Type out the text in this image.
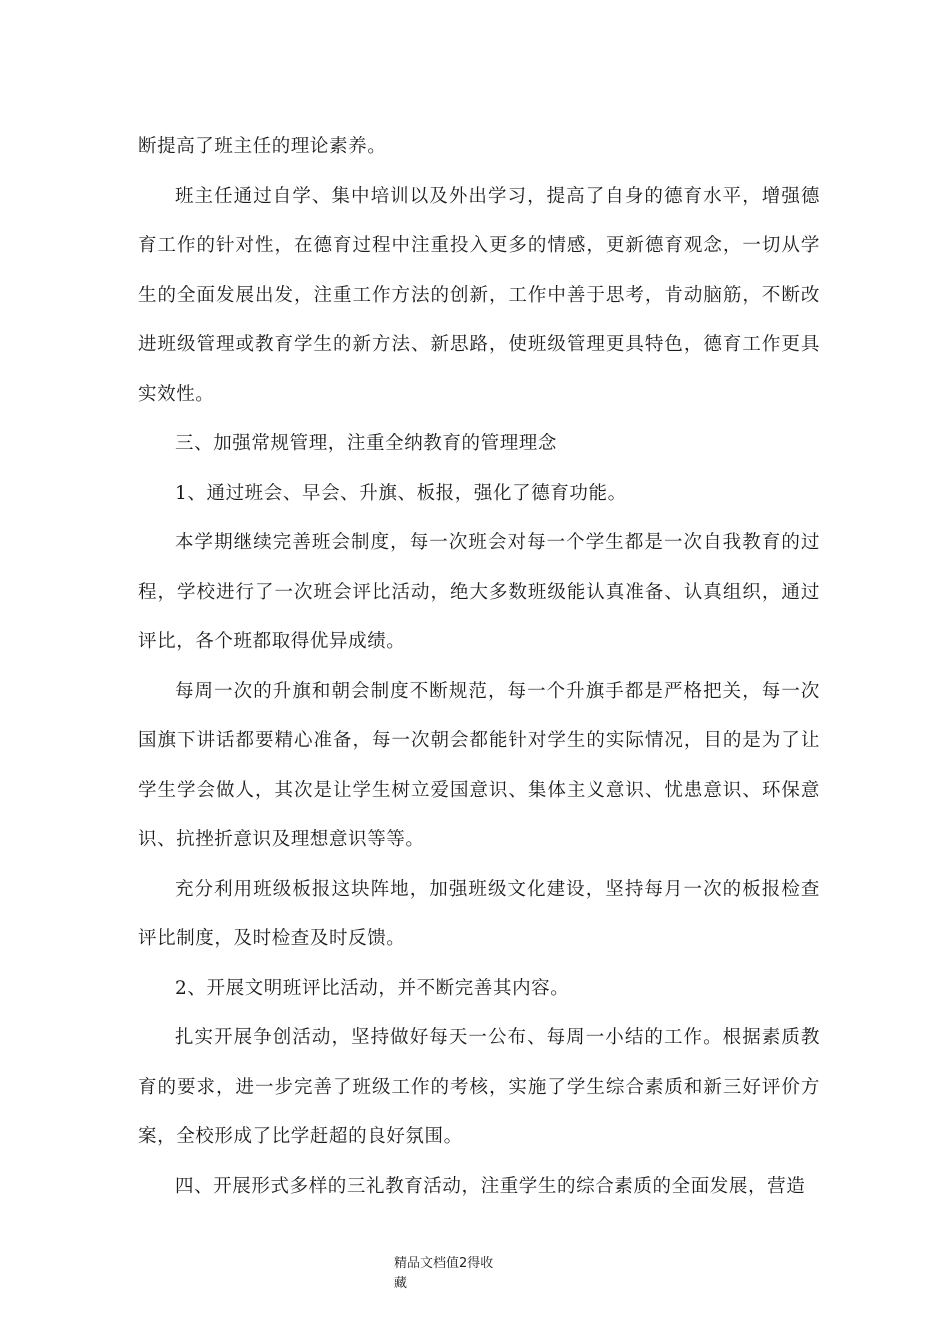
断提高了班主任的理论素养。

班主任通过自学、集中培训以及外出学习，提高了自身的德育水平，增强德育工作的针对性，在德育过程中注重投入更多的情感，更新德育观念，一切从学生的全面发展出发，注重工作方法的创新，工作中善于思考，肯动脑筋，不断改进班级管理或教育学生的新方法、新思路，使班级管理更具特色，德育工作更具实效性。

三、加强常规管理，注重全纳教育的管理理念

1、通过班会、早会、升旗、板报，强化了德育功能。

本学期继续完善班会制度，每一次班会对每一个学生都是一次自我教育的过程，学校进行了一次班会评比活动，绝大多数班级能认真准备、认真组织，通过评比，各个班都取得优异成绩。

每周一次的升旗和朝会制度不断规范，每一个升旗手都是严格把关，每一次国旗下讲话都要精心准备，每一次朝会都能针对学生的实际情况，目的是为了让学生学会做人，其次是让学生树立爱国意识、集体主义意识、忧患意识、环保意识、抗挫折意识及理想意识等等。

充分利用班级板报这块阵地，加强班级文化建设，坚持每月一次的板报检查评比制度，及时检查及时反馈。

2、开展文明班评比活动，并不断完善其内容。

扎实开展争创活动，坚持做好每天一公布、每周一小结的工作。根据素质教育的要求，进一步完善了班级工作的考核，实施了学生综合素质和新三好评价方案，全校形成了比学赶超的良好氛围。

四、开展形式多样的三礼教育活动，注重学生的综合素质的全面发展，营造

精品文档值2得收
藏
